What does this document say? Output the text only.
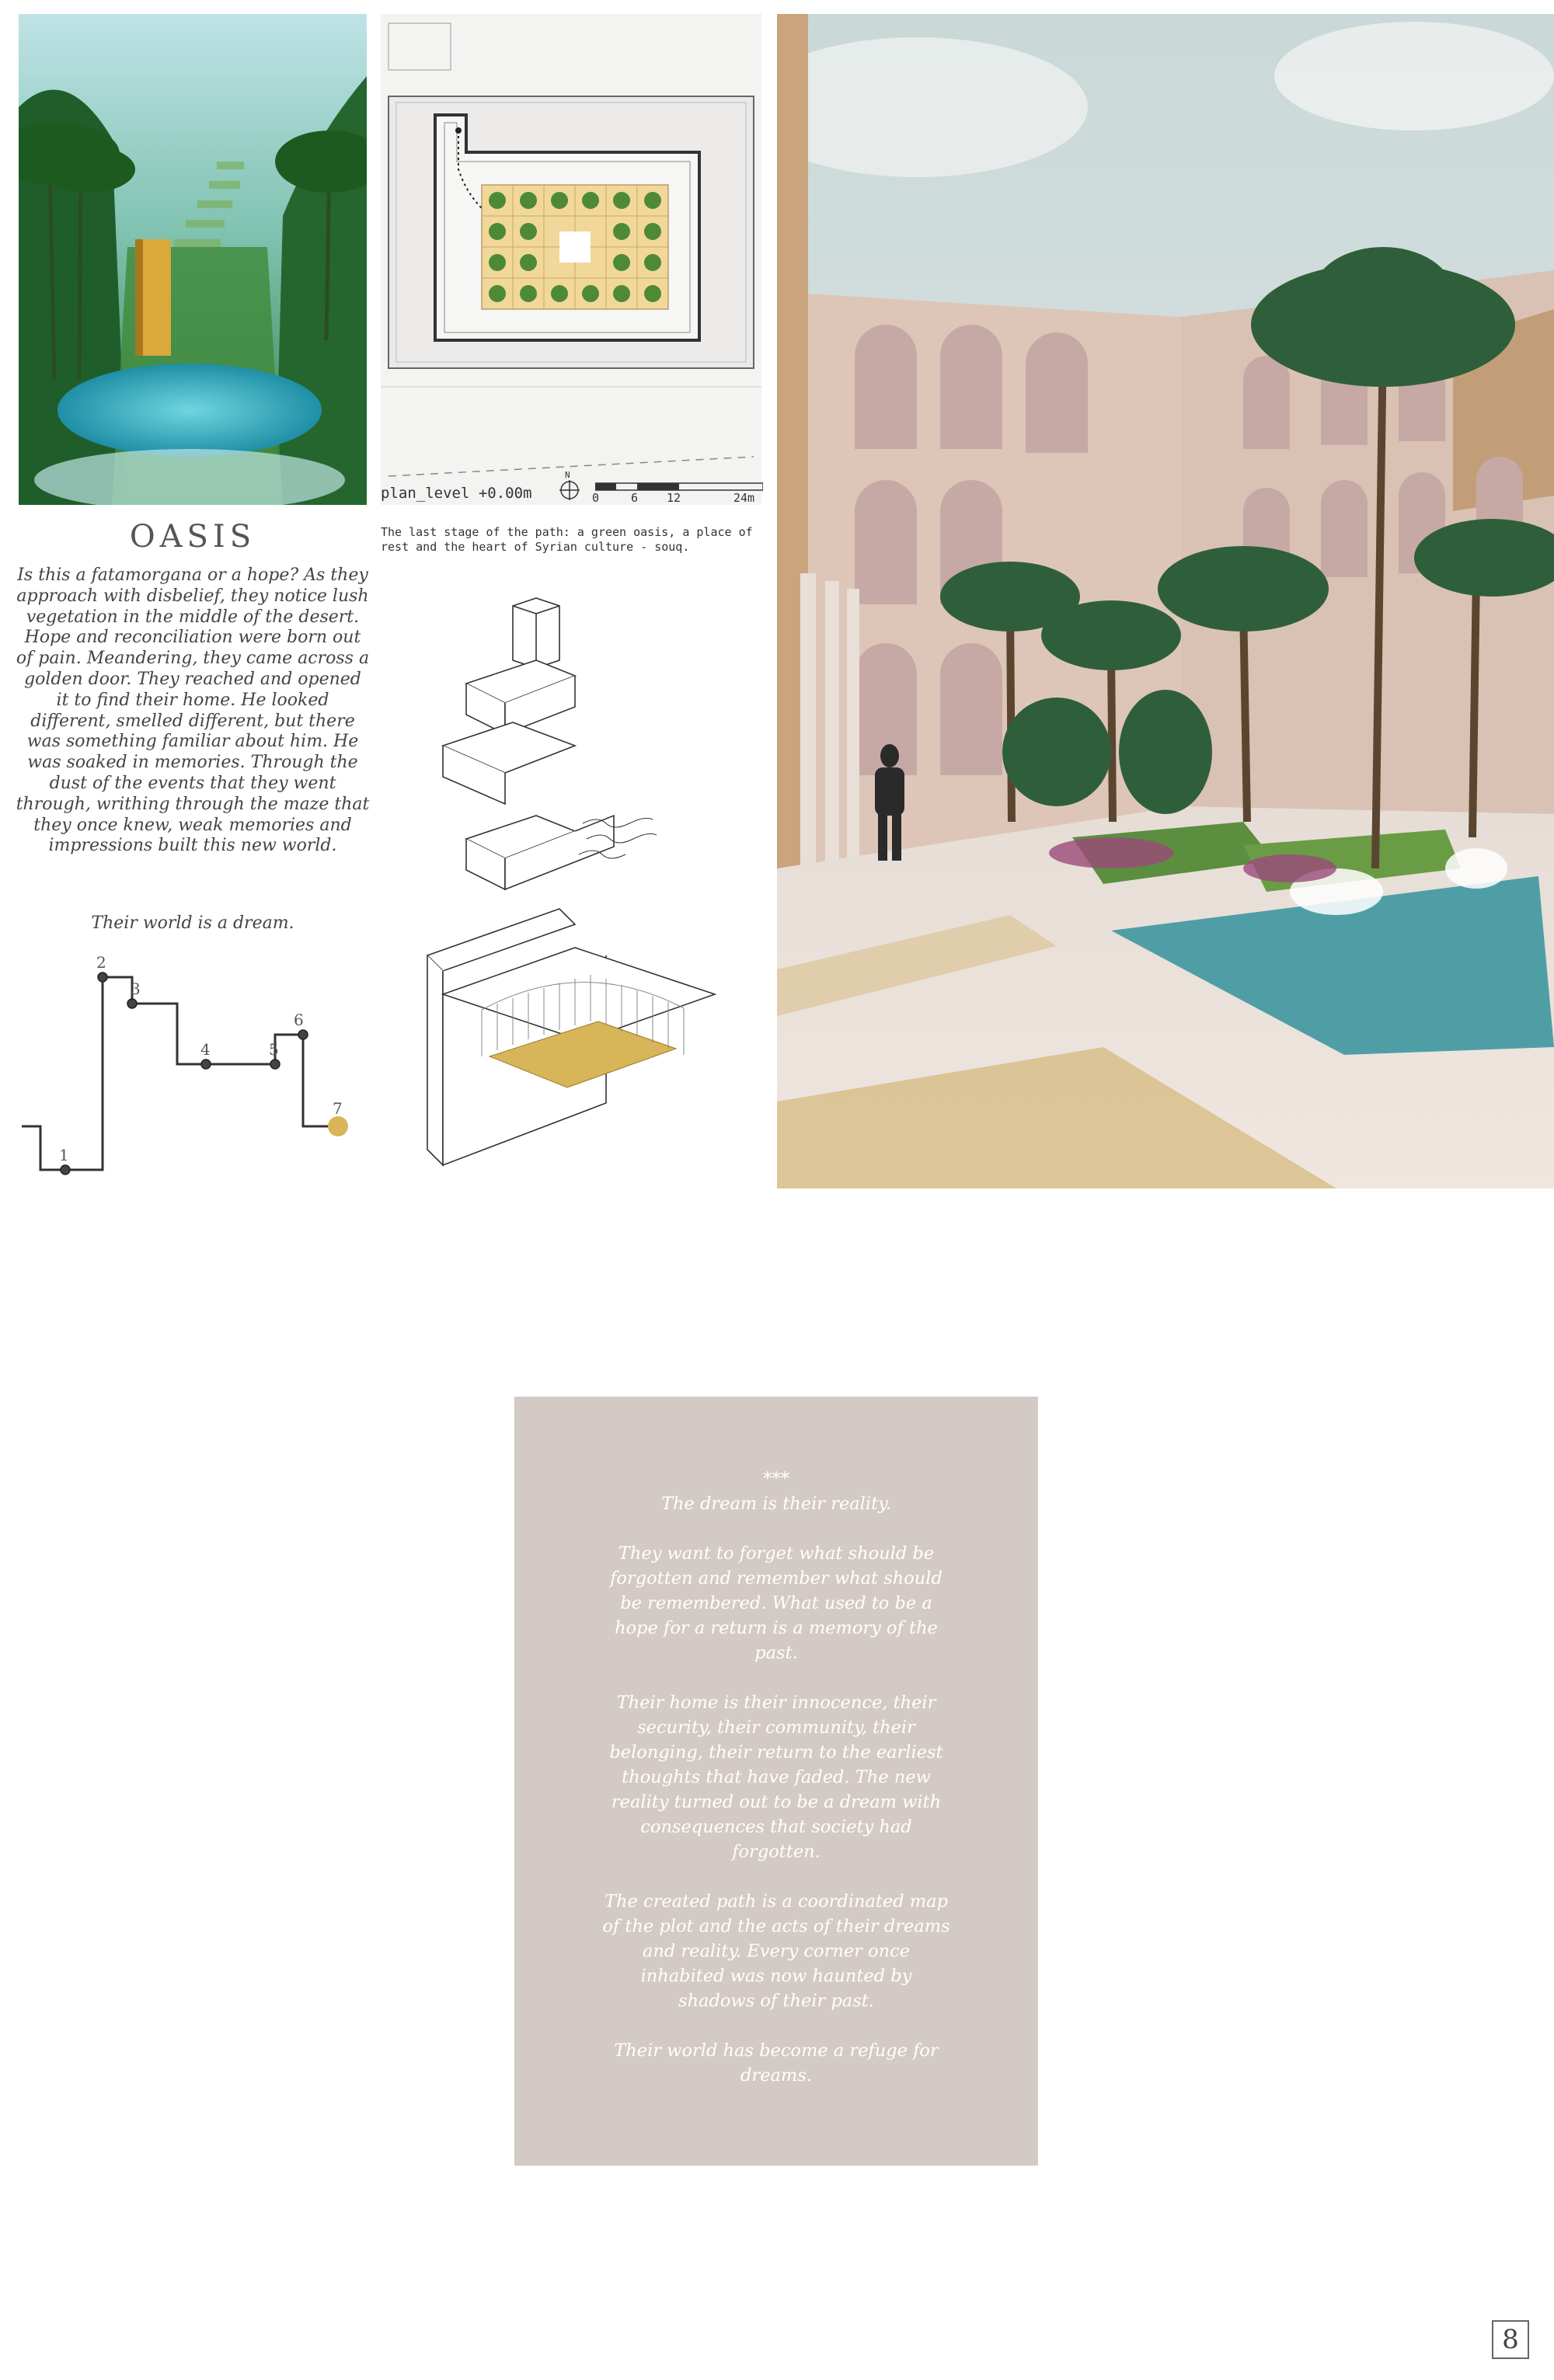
plan_level +0.00m
N
0	6 12	24m
The last stage of the path: a green oasis, a place of rest and the heart of Syrian culture - souq.
OASIS
Is this a fatamorgana or a hope? As they approach with disbelief, they notice lush vegetation in the middle of the desert. Hope and reconciliation were born out of pain. Meandering, they came across a golden door. They reached and opened it to find their home. He looked different, smelled different, but there was something familiar about him. He was soaked in memories. Through the dust of the events that they went through, writhing through the maze that they once knew, weak memories and impressions built this new world.
Their world is a dream.
1
2
3
4	5
6
7

***

The dream is their reality.

They want to forget what should be forgotten and remember what should be remembered. What used to be a hope for a return is a memory of the past.

Their home is their innocence, their security, their community, their belonging, their return to the earliest thoughts that have faded. The new reality turned out to be a dream with consequences that society had forgotten.

The created path is a coordinated map of the plot and the acts of their dreams and reality. Every corner once inhabited was now haunted by shadows of their past.

Their world has become a refuge for dreams.

8
